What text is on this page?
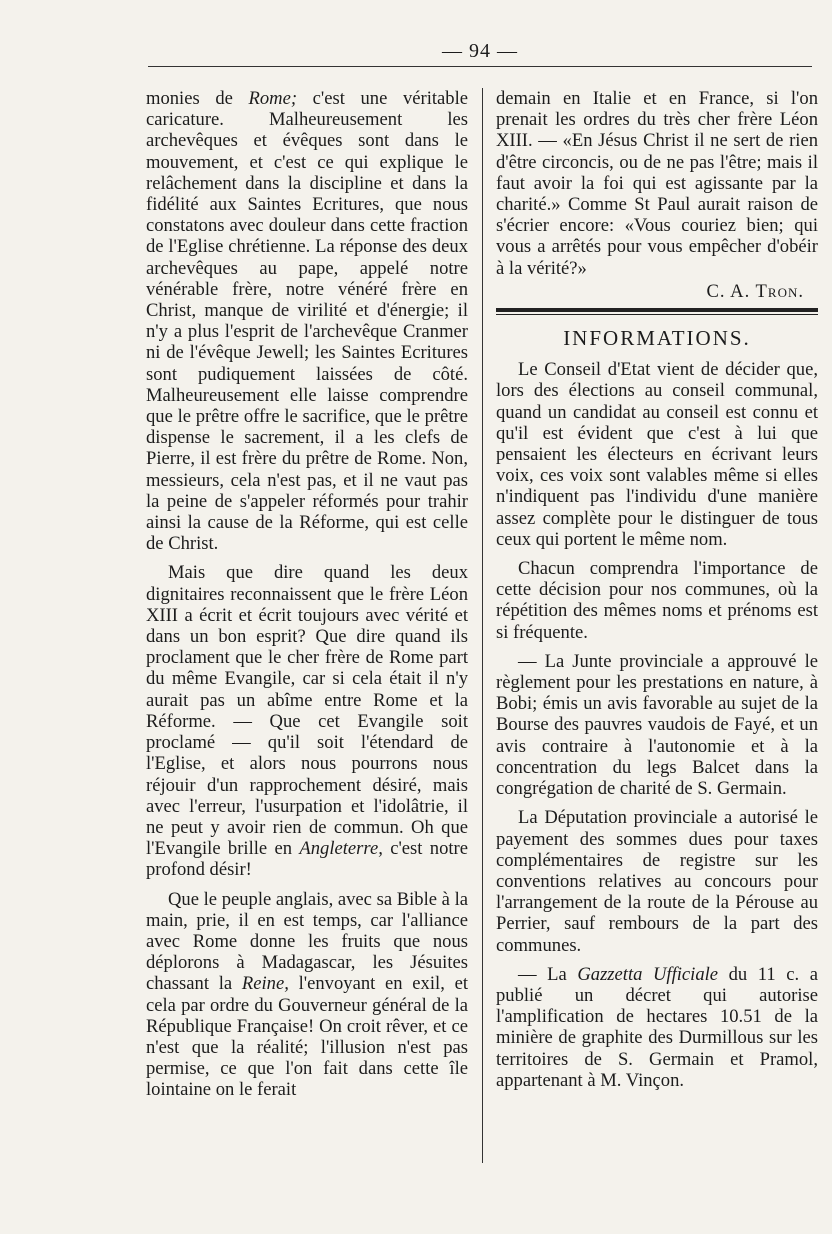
— 94 —

monies de Rome; c'est une véritable caricature. Malheureusement les archevêques et évêques sont dans le mouvement, et c'est ce qui explique le relâchement dans la discipline et dans la fidélité aux Saintes Ecritures, que nous constatons avec douleur dans cette fraction de l'Eglise chrétienne. La réponse des deux archevêques au pape, appelé notre vénérable frère, notre vénéré frère en Christ, manque de virilité et d'énergie; il n'y a plus l'esprit de l'archevêque Cranmer ni de l'évêque Jewell; les Saintes Ecritures sont pudiquement laissées de côté. Malheureusement elle laisse comprendre que le prêtre offre le sacrifice, que le prêtre dispense le sacrement, il a les clefs de Pierre, il est frère du prêtre de Rome. Non, messieurs, cela n'est pas, et il ne vaut pas la peine de s'appeler réformés pour trahir ainsi la cause de la Réforme, qui est celle de Christ.

Mais que dire quand les deux dignitaires reconnaissent que le frère Léon XIII a écrit et écrit toujours avec vérité et dans un bon esprit? Que dire quand ils proclament que le cher frère de Rome part du même Evangile, car si cela était il n'y aurait pas un abîme entre Rome et la Réforme. — Que cet Evangile soit proclamé — qu'il soit l'étendard de l'Eglise, et alors nous pourrons nous réjouir d'un rapprochement désiré, mais avec l'erreur, l'usurpation et l'idolâtrie, il ne peut y avoir rien de commun. Oh que l'Evangile brille en Angleterre, c'est notre profond désir!

Que le peuple anglais, avec sa Bible à la main, prie, il en est temps, car l'alliance avec Rome donne les fruits que nous déplorons à Madagascar, les Jésuites chassant la Reine, l'envoyant en exil, et cela par ordre du Gouverneur général de la République Française! On croit rêver, et ce n'est que la réalité; l'illusion n'est pas permise, ce que l'on fait dans cette île lointaine on le ferait

demain en Italie et en France, si l'on prenait les ordres du très cher frère Léon XIII. — «En Jésus Christ il ne sert de rien d'être circoncis, ou de ne pas l'être; mais il faut avoir la foi qui est agissante par la charité.» Comme St Paul aurait raison de s'écrier encore: «Vous couriez bien; qui vous a arrêtés pour vous empêcher d'obéir à la vérité?»

C. A. Tron.
INFORMATIONS.

Le Conseil d'Etat vient de décider que, lors des élections au conseil communal, quand un candidat au conseil est connu et qu'il est évident que c'est à lui que pensaient les électeurs en écrivant leurs voix, ces voix sont valables même si elles n'indiquent pas l'individu d'une manière assez complète pour le distinguer de tous ceux qui portent le même nom.

Chacun comprendra l'importance de cette décision pour nos communes, où la répétition des mêmes noms et prénoms est si fréquente.

— La Junte provinciale a approuvé le règlement pour les prestations en nature, à Bobi; émis un avis favorable au sujet de la Bourse des pauvres vaudois de Fayé, et un avis contraire à l'autonomie et à la concentration du legs Balcet dans la congrégation de charité de S. Germain.

La Députation provinciale a autorisé le payement des sommes dues pour taxes complémentaires de registre sur les conventions relatives au concours pour l'arrangement de la route de la Pérouse au Perrier, sauf rembours de la part des communes.

— La Gazzetta Ufficiale du 11 c. a publié un décret qui autorise l'amplification de hectares 10.51 de la minière de graphite des Durmillous sur les territoires de S. Germain et Pramol, appartenant à M. Vinçon.
